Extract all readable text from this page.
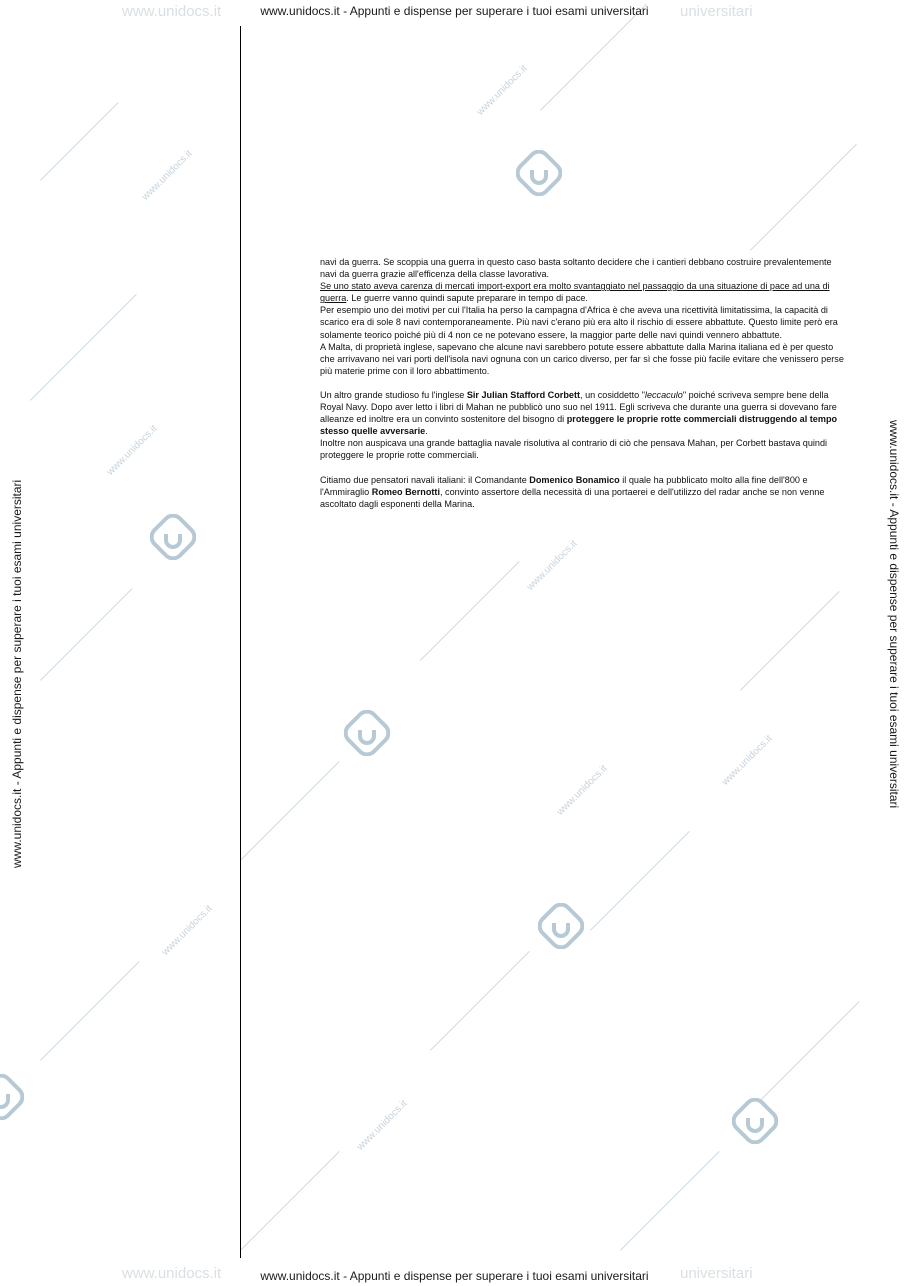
www.unidocs.it
www.unidocs.it
www.unidocs.it
www.unidocs.it
www.unidocs.it
www.unidocs.it
www.unidocs.it
www.unidocs.it
www.unidocs.it	universitari
www.unidocs.it	universitari
www.unidocs.it - Appunti e dispense per superare i tuoi esami universitari
www.unidocs.it - Appunti e dispense per superare i tuoi esami universitari
www.unidocs.it - Appunti e dispense per superare i tuoi esami universitari	www.unidocs.it - Appunti e dispense per superare i tuoi esami universitari

navi da guerra. Se scoppia una guerra in questo caso basta soltanto decidere che i cantieri debbano costruire prevalentemente navi da guerra grazie all'efficenza della classe lavorativa.
Se uno stato aveva carenza di mercati import-export era molto svantaggiato nel passaggio da una situazione di pace ad una di guerra. Le guerre vanno quindi sapute preparare in tempo di pace.
Per esempio uno dei motivi per cui l'Italia ha perso la campagna d'Africa è che aveva una ricettività limitatissima, la capacità di scarico era di sole 8 navi contemporaneamente. Più navi c'erano più era alto il rischio di essere abbattute. Questo limite però era solamente teorico poiché più di 4 non ce ne potevano essere, la maggior parte delle navi quindi vennero abbattute.
A Malta, di proprietà inglese, sapevano che alcune navi sarebbero potute essere abbattute dalla Marina italiana ed è per questo che arrivavano nei vari porti dell'isola navi ognuna con un carico diverso, per far sì che fosse più facile evitare che venissero perse più materie prime con il loro abbattimento.

Un altro grande studioso fu l'inglese Sir Julian Stafford Corbett, un cosiddetto "leccaculo" poiché scriveva sempre bene della Royal Navy. Dopo aver letto i libri di Mahan ne pubblicò uno suo nel 1911. Egli scriveva che durante una guerra si dovevano fare alleanze ed inoltre era un convinto sostenitore del bisogno di proteggere le proprie rotte commerciali distruggendo al tempo stesso quelle avversarie.
Inoltre non auspicava una grande battaglia navale risolutiva al contrario di ciò che pensava Mahan, per Corbett bastava quindi proteggere le proprie rotte commerciali.

Citiamo due pensatori navali italiani: il Comandante Domenico Bonamico il quale ha pubblicato molto alla fine dell'800 e l'Ammiraglio Romeo Bernotti, convinto assertore della necessità di una portaerei e dell'utilizzo del radar anche se non venne ascoltato dagli esponenti della Marina.
